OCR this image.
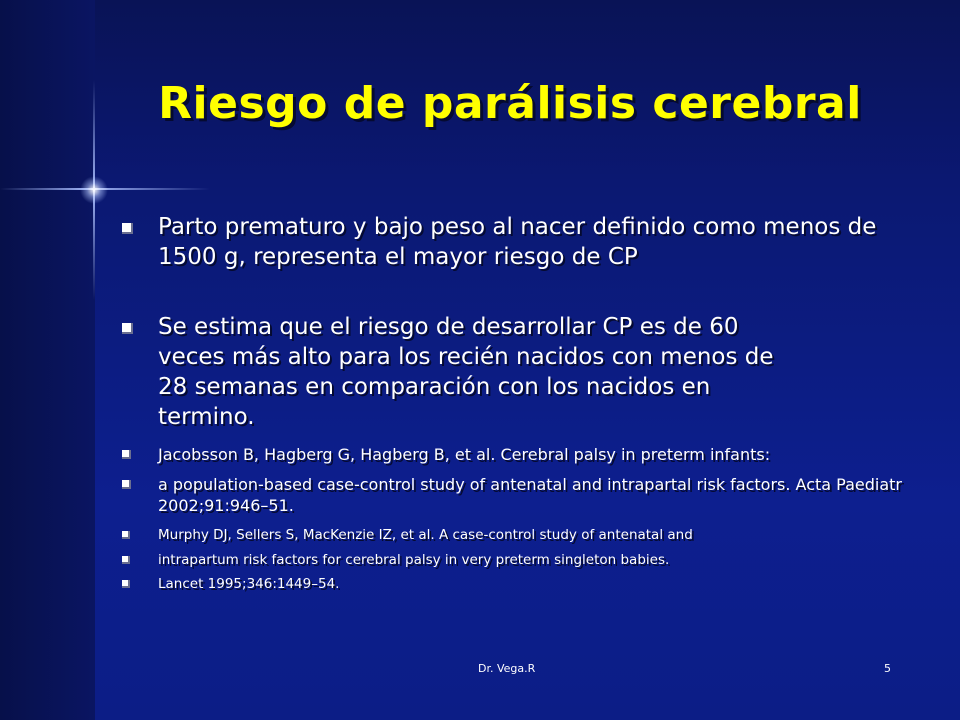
Riesgo de parálisis cerebral
Parto prematuro y bajo peso al nacer definido como menos de 1500 g, representa el mayor riesgo de CP
Se estima que el riesgo de desarrollar CP es de 60 veces más alto para los recién nacidos con menos de 28 semanas en comparación con los nacidos en termino.
Jacobsson B, Hagberg G, Hagberg B, et al. Cerebral palsy in preterm infants:
a population-based case-control study of antenatal and intrapartal risk factors. Acta Paediatr 2002;91:946–51.
Murphy DJ, Sellers S, MacKenzie IZ, et al. A case-control study of antenatal and
intrapartum risk factors for cerebral palsy in very preterm singleton babies.
Lancet 1995;346:1449–54.
Dr. Vega.R	5
